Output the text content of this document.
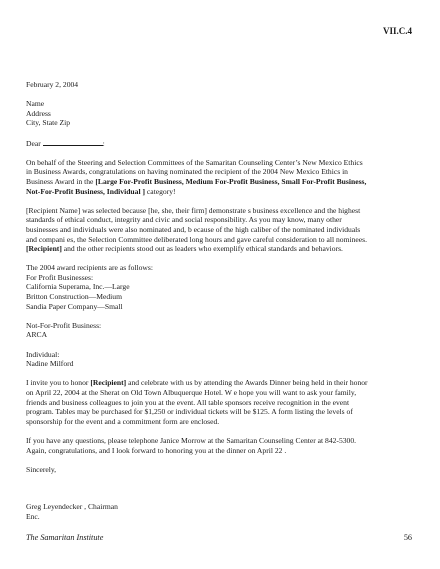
VII.C.4
February 2, 2004
Name
Address
City, State Zip
Dear	:
On behalf of the Steering and Selection Committees of the Samaritan Counseling Center’s New Mexico Ethics
in Business Awards, congratulations on having nominated the recipient of the 2004 New Mexico Ethics in
Business Award in the [Large For-Profit Business, Medium For-Profit Business, Small For-Profit Business,
Not-For-Profit Business, Individual ] category!
[Recipient Name] was selected because [he, she, their firm] demonstrate s business excellence and the highest
standards of ethical conduct, integrity and civic and social responsibility. As you may know, many other
businesses and individuals were also nominated and, b ecause of the high caliber of the nominated individuals
and compani es, the Selection Committee deliberated long hours and gave careful consideration to all nominees.
[Recipient] and the other recipients stood out as leaders who exemplify ethical standards and behaviors.
The 2004 award recipients are as follows:
For Profit Businesses:
California Superama, Inc.—Large
Britton Construction—Medium
Sandia Paper Company—Small
Not-For-Profit Business:
ARCA
Individual:
Nadine Milford
I invite you to honor [Recipient] and celebrate with us by attending the Awards Dinner being held in their honor
on April 22, 2004 at the Sherat on Old Town Albuquerque Hotel. W e hope you will want to ask your family,
friends and business colleagues to join you at the event. All table sponsors receive recognition in the event
program. Tables may be purchased for $1,250 or individual tickets will be $125. A form listing the levels of
sponsorship for the event and a commitment form are enclosed.
If you have any questions, please telephone Janice Morrow at the Samaritan Counseling Center at 842-5300.
Again, congratulations, and I look forward to honoring you at the dinner on April 22 .
Sincerely,
Greg Leyendecker , Chairman
Enc.
The Samaritan Institute	56
